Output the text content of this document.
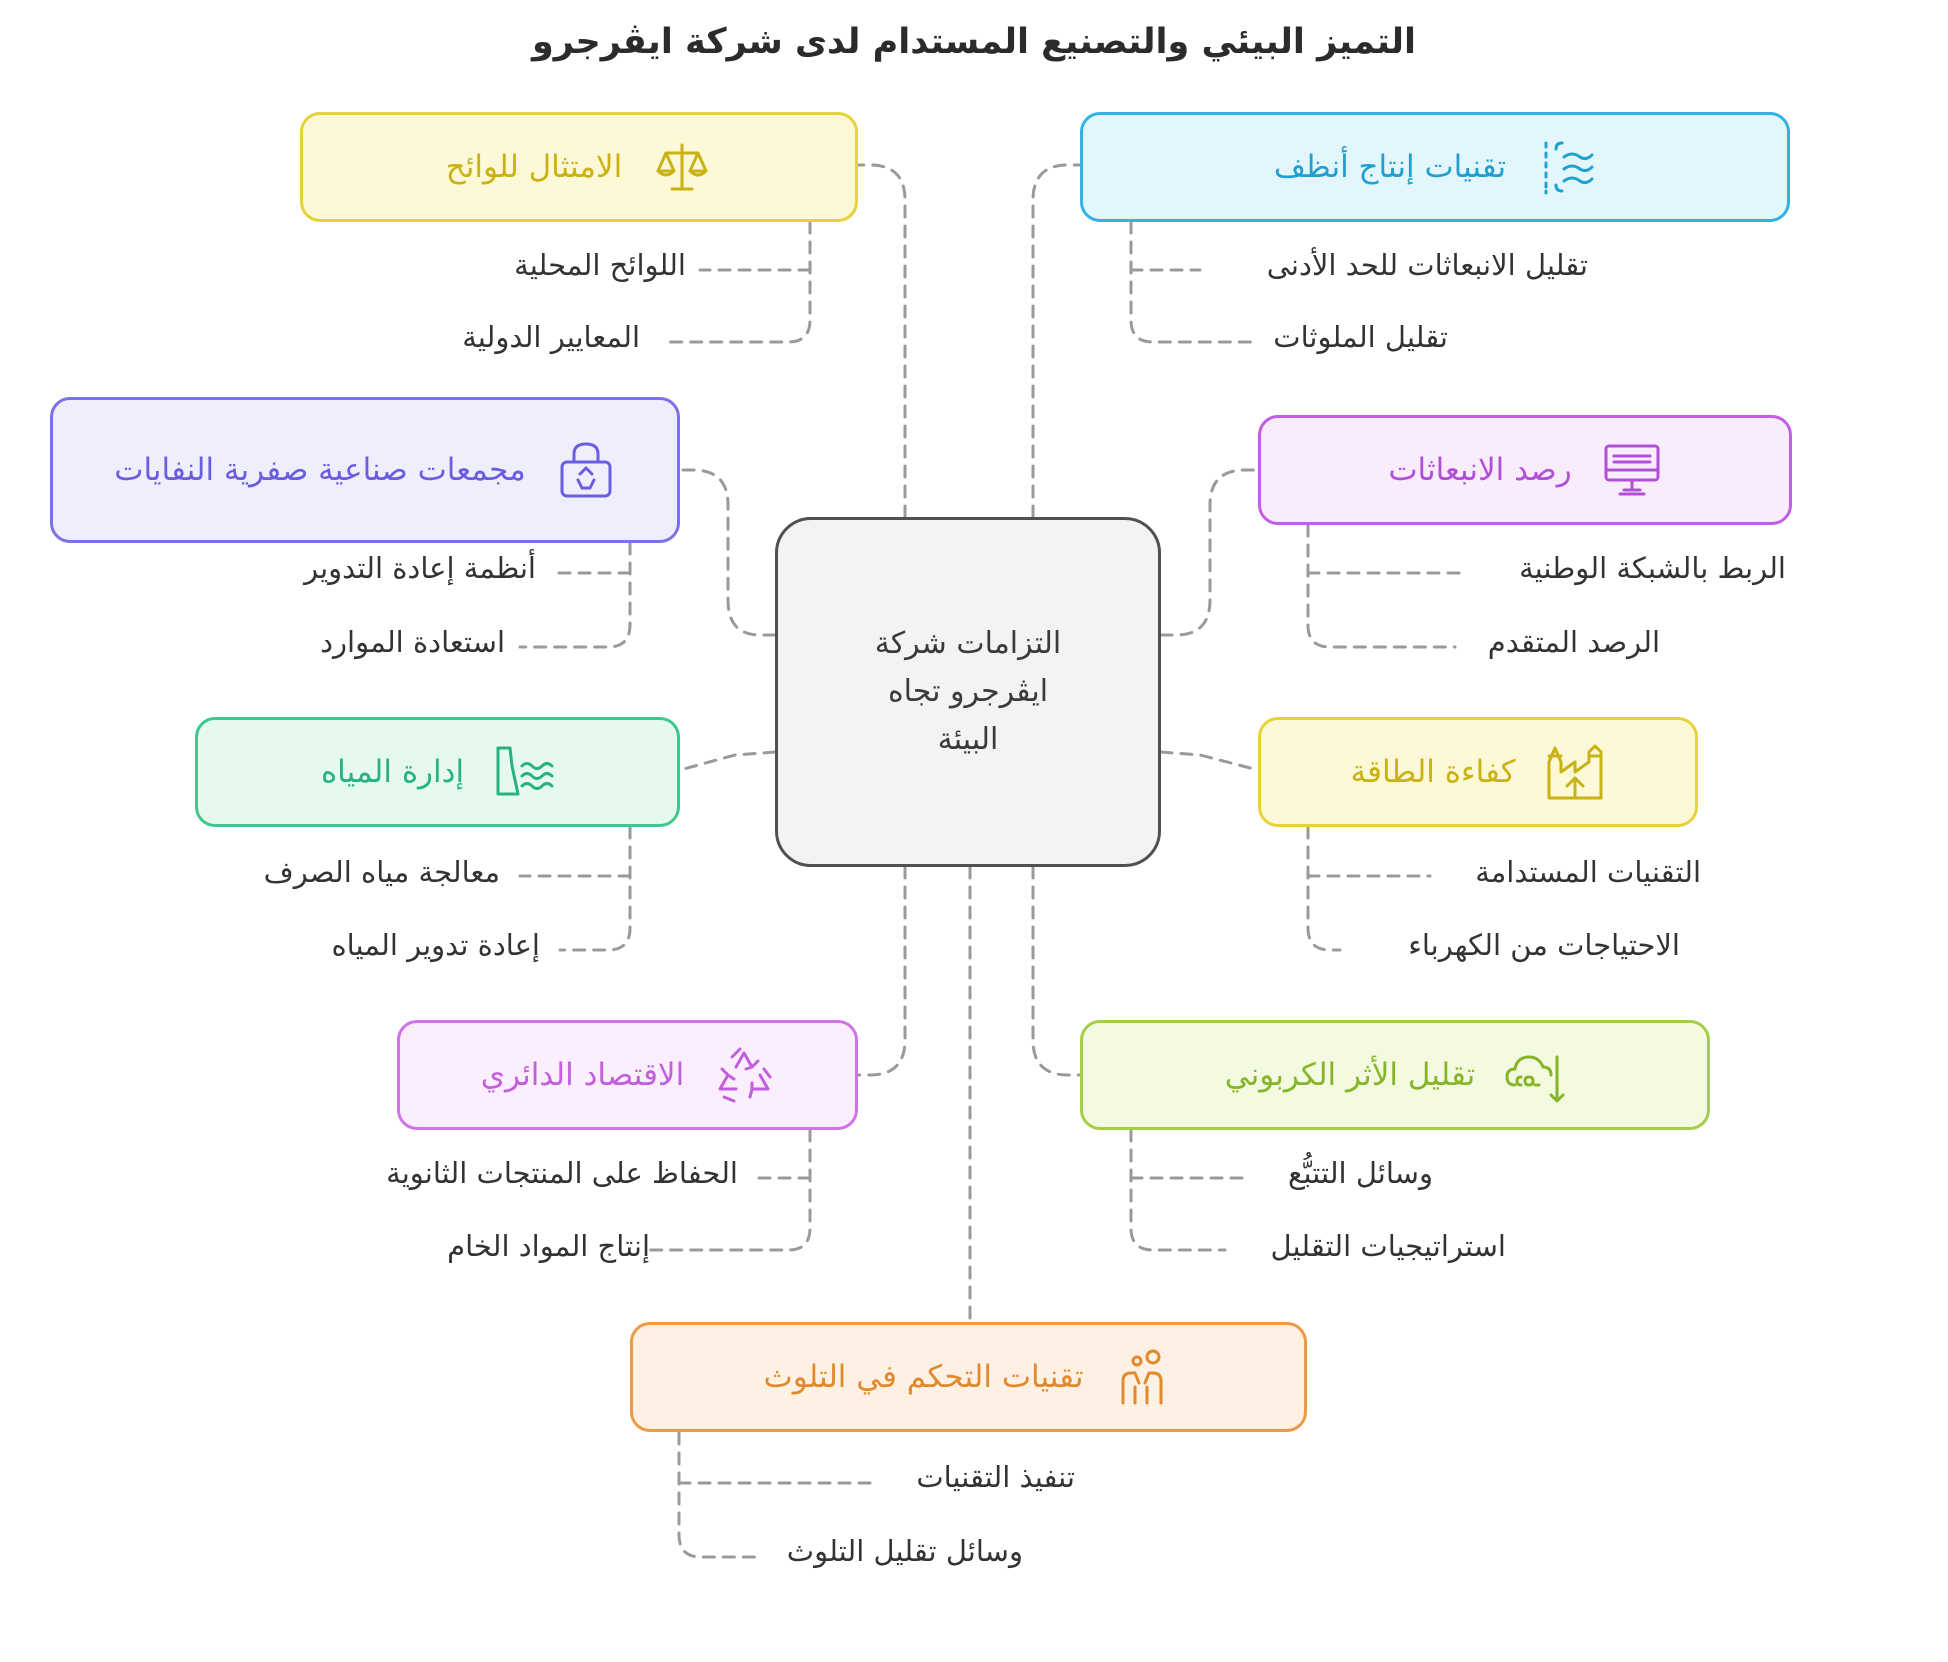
التميز البيئي والتصنيع المستدام لدى شركة ايڤرجرو
التزامات شركة ايڤرجرو تجاه البيئة
الامتثال للوائح
اللوائح المحلية
المعايير الدولية
تقنيات إنتاج أنظف
تقليل الانبعاثات للحد الأدنى
تقليل الملوثات
مجمعات صناعية صفرية النفايات
أنظمة إعادة التدوير
استعادة الموارد
رصد الانبعاثات
الربط بالشبكة الوطنية
الرصد المتقدم
إدارة المياه
معالجة مياه الصرف
إعادة تدوير المياه
كفاءة الطاقة
التقنيات المستدامة
الاحتياجات من الكهرباء
الاقتصاد الدائري
الحفاظ على المنتجات الثانوية
إنتاج المواد الخام
تقليل الأثر الكربوني
وسائل التتبُّع
استراتيجيات التقليل
تقنيات التحكم في التلوث
تنفيذ التقنيات
وسائل تقليل التلوث
